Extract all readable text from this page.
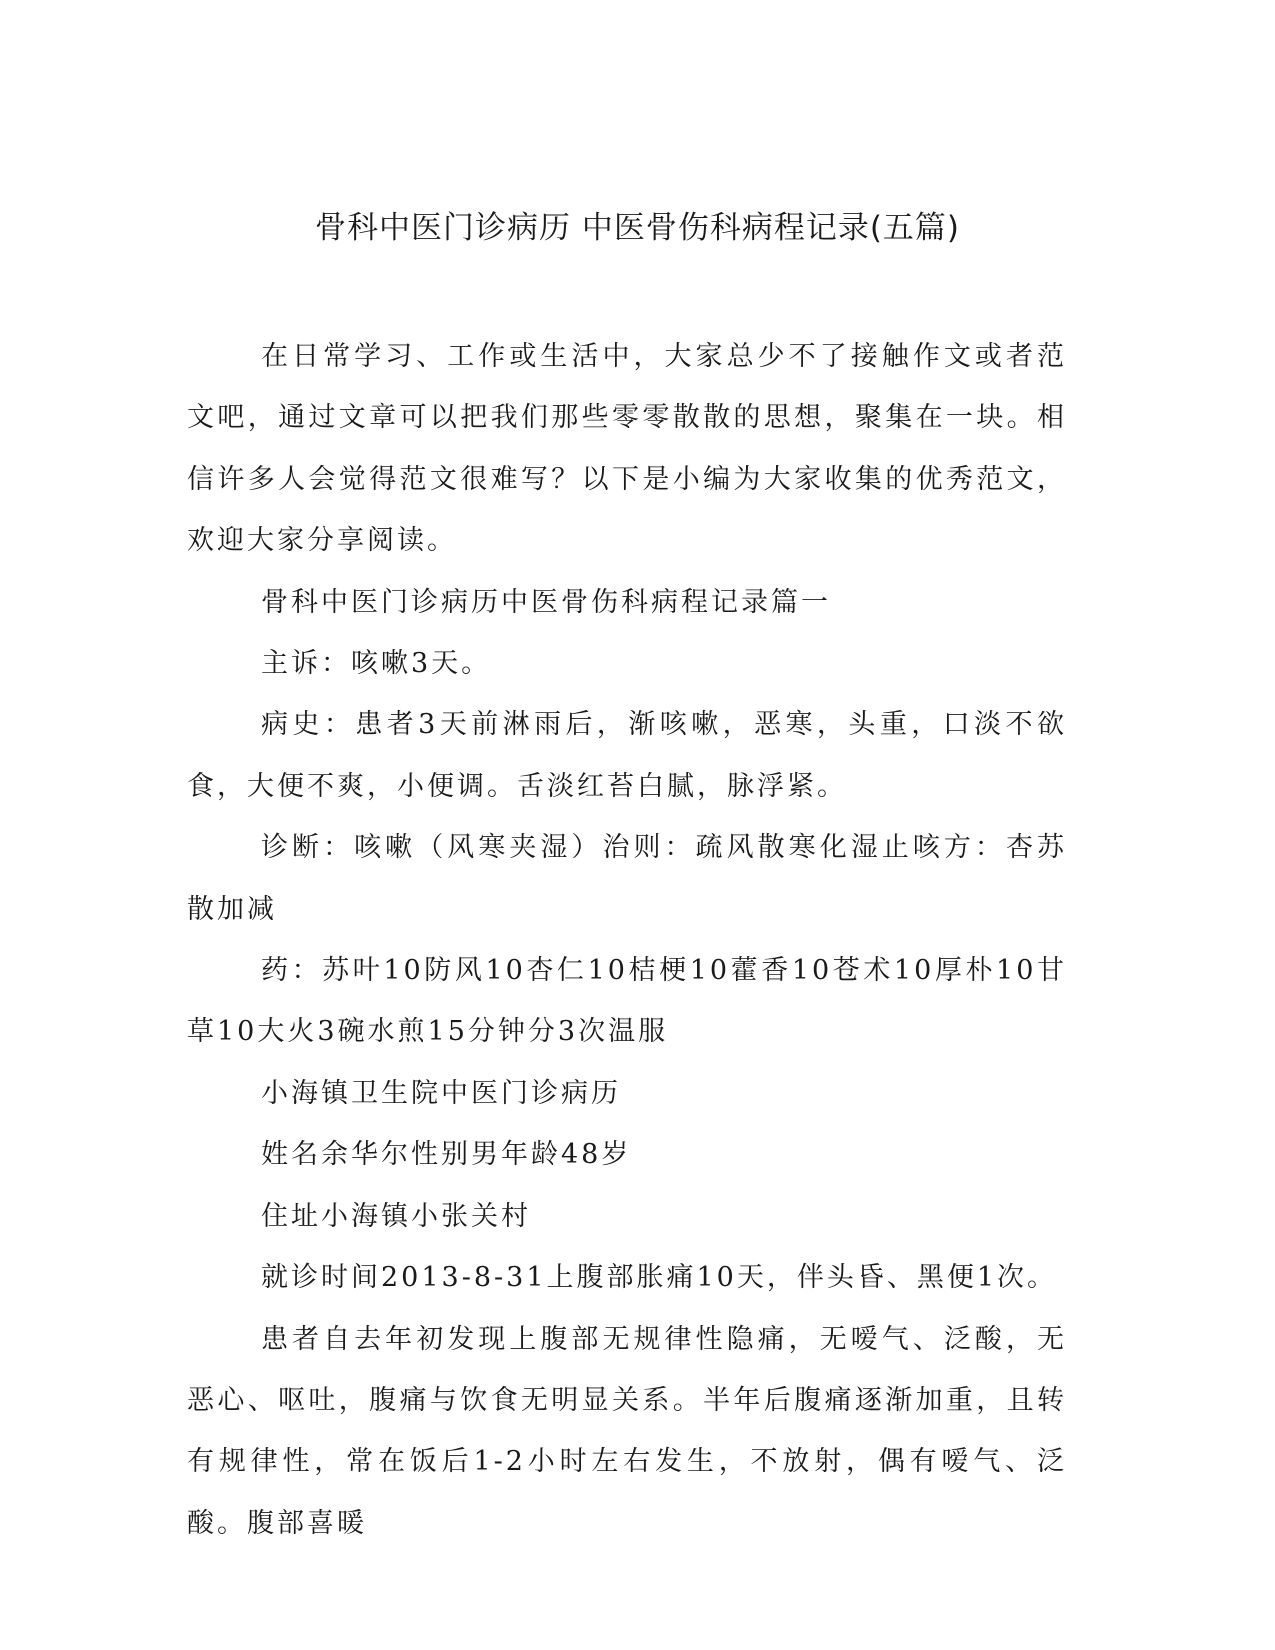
骨科中医门诊病历 中医骨伤科病程记录(五篇)

在日常学习、工作或生活中，大家总少不了接触作文或者范文吧，通过文章可以把我们那些零零散散的思想，聚集在一块。相信许多人会觉得范文很难写？以下是小编为大家收集的优秀范文，欢迎大家分享阅读。

骨科中医门诊病历中医骨伤科病程记录篇一

主诉：咳嗽3天。

病史：患者3天前淋雨后，渐咳嗽，恶寒，头重，口淡不欲食，大便不爽，小便调。舌淡红苔白腻，脉浮紧。

诊断：咳嗽（风寒夹湿）治则：疏风散寒化湿止咳方：杏苏散加减

药：苏叶10防风10杏仁10桔梗10藿香10苍术10厚朴10甘草10大火3碗水煎15分钟分3次温服

小海镇卫生院中医门诊病历

姓名余华尔性别男年龄48岁

住址小海镇小张关村

就诊时间2013-8-31上腹部胀痛10天，伴头昏、黑便1次。

患者自去年初发现上腹部无规律性隐痛，无嗳气、泛酸，无恶心、呕吐，腹痛与饮食无明显关系。半年后腹痛逐渐加重，且转有规律性，常在饭后1-2小时左右发生，不放射，偶有嗳气、泛酸。腹部喜暖
